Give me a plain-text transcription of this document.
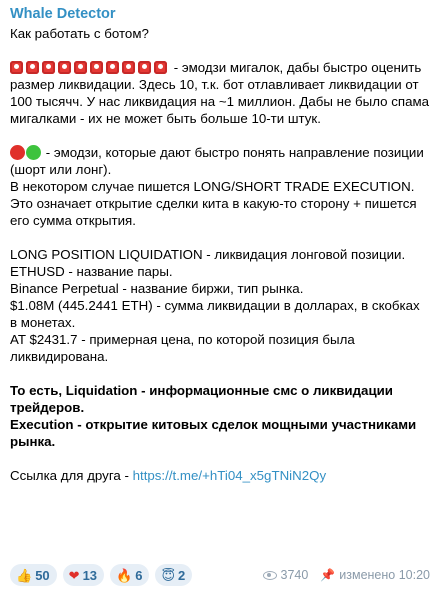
Whale Detector
Как работать с ботом?
- эмодзи мигалок, дабы быстро оценить размер ликвидации. Здесь 10, т.к. бот отлавливает ликвидации от 100 тысячч. У нас ликвидация на ~1 миллион. Дабы не было спама мигалками - их не может быть больше 10-ти штук.
- эмодзи, которые дают быстро понять направление позиции (шорт или лонг).
В некотором случае пишется LONG/SHORT TRADE EXECUTION. Это означает открытие сделки кита в какую-то сторону + пишется его сумма открытия.
LONG POSITION LIQUIDATION - ликвидация лонговой позиции.
ETHUSD - название пары.
Binance Perpetual - название биржи, тип рынка.
$1.08M (445.2441 ETH) - сумма ликвидации в долларах, в скобках в монетах.
AT $2431.7 - примерная цена, по которой позиция была ликвидирована.
То есть, Liquidation - информационные смс о ликвидации трейдеров.
Execution - открытие китовых сделок мощными участниками рынка.
Ссылка для друга - https://t.me/+hTi04_x5gTNiN2Qy
👍 50 ❤ 13 🔥 6 😇 2	3740 📌 изменено 10:20
